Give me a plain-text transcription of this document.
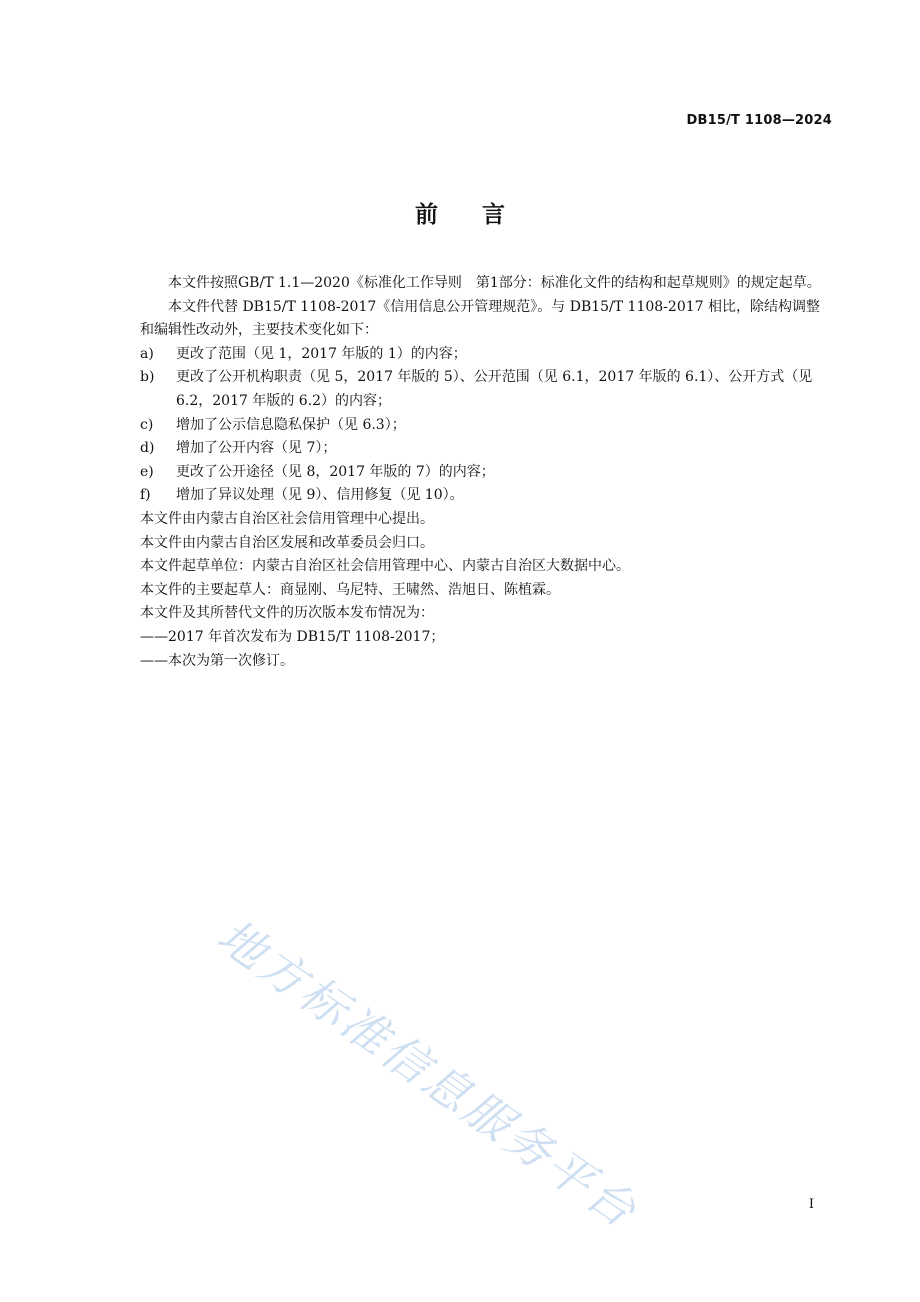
DB15/T 1108—2024
前言

本文件按照GB/T 1.1—2020《标准化工作导则　第1部分：标准化文件的结构和起草规则》的规定起草。

本文件代替 DB15/T 1108-2017《信用信息公开管理规范》。与 DB15/T 1108-2017 相比，除结构调整和编辑性改动外，主要技术变化如下：

a)	更改了范围（见 1，2017 年版的 1）的内容；
b)	更改了公开机构职责（见 5，2017 年版的 5）、公开范围（见 6.1，2017 年版的 6.1）、公开方式（见 6.2，2017 年版的 6.2）的内容；
c)	增加了公示信息隐私保护（见 6.3）；
d)	增加了公开内容（见 7）；
e)	更改了公开途径（见 8，2017 年版的 7）的内容；
f)	增加了异议处理（见 9）、信用修复（见 10）。

本文件由内蒙古自治区社会信用管理中心提出。

本文件由内蒙古自治区发展和改革委员会归口。

本文件起草单位：内蒙古自治区社会信用管理中心、内蒙古自治区大数据中心。

本文件的主要起草人：商显刚、乌尼特、王啸然、浩旭日、陈植霖。

本文件及其所替代文件的历次版本发布情况为：

——2017 年首次发布为 DB15/T 1108-2017；

——本次为第一次修订。

地方标准信息服务平台	I
